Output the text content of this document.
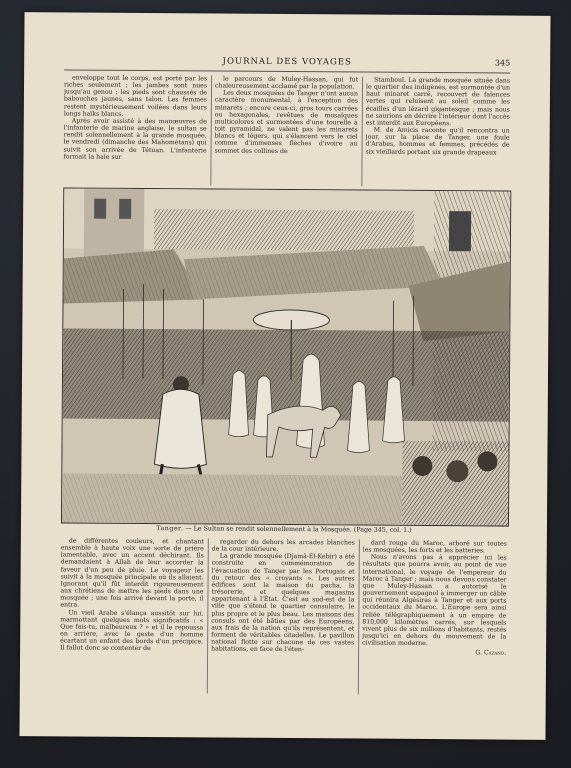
JOURNAL DES VOYAGES	345

enveloppe tout le corps, est porté par les riches seulement ; les jambes sont nues jusqu'au genou ; les pieds sont chaussés de babouches jaunes, sans talon. Les femmes restent mystérieusement voilées dans leurs longs haïks blancs.

Après avoir assisté à des manœuvres de l'infanterie de marine anglaise, le sultan se rendit solennellement à la grande mosquée, le vendredi (dimanche des Mahométans) qui suivit son arrivée de Tétuan. L'infanterie formait la haie sur

le parcours de Muley-Hassan, qui fut chaleureusement acclamé par la population.

Les deux mosquées de Tanger n'ont aucun caractère monumental, à l'exception des minarets ; encore ceux-ci, gros tours carrées ou hexagonales, revêtues de mosaïques multicolores et surmontées d'une tourelle à toit pyramidal, ne valent pas les minarets blancs et légers, qui s'élancent vers le ciel comme d'immenses flèches d'ivoire au sommet des collines de

Stamboul. La grande mosquée située dans le quartier des indigènes, est surmontée d'un haut minaret carré, recouvert de faïences vertes qui reluisent au soleil comme les écailles d'un lézard gigantesque ; mais nous ne saurions en décrire l'intérieur dont l'accès est interdit aux Européens.

M. de Amicis raconte qu'il rencontra un jour, sur la place de Tanger, une foule d'Arabes, hommes et femmes, précédés de six vieillards portant six grande drapeaux

Tanger. — Le Sultan se rendit solennellement à la Mosquée. (Page 345, col. 1.)

de différentes couleurs, et chantant ensemble à haute voix une sorte de prière lamentable, avec un accent déchirant. Ils demandaient à Allah de leur accorder la faveur d'un peu de pluie. Le voyageur les suivit à la mosquée principale où ils allaient. Ignorant qu'il fût interdit rigoureusement aux chrétiens de mettre les pieds dans une mosquée ; une fois arrivé devant la porte, il entra.

Un vieil Arabe s'élança aussitôt sur lui, marmottant quelques mots significatifs : « Que fais-tu, malheureux ? » et il le repoussa en arrière, avec le geste d'un homme écartant un enfant des bords d'un précipice. Il fallut donc se contenter de

regarder du dehors les arcades blanches de la cour intérieure.

La grande mosquée (Djamâ-El-Kebir) a été construite en commémoration de l'évacuation de Tanger par les Portugais et du retour des « croyants ». Les autres édifices sont la maison du pacha, la trésorerie, et quelques magasins appartenant à l'État. C'est au sud-est de la ville que s'étend le quartier consulaire, le plus propre et le plus beau. Les maisons des consuls ont été bâties par des Européens, aux frais de la nation qu'ils représentent, et forment de véritables citadelles. Le pavillon national flotte sur chacune de ces vastes habitations, en face de l'éten-

dard rouge du Maroc, arboré sur toutes les mosquées, les forts et les batteries.

Nous n'avons pas à apprécier ici les résultats que pourra avoir, au point de vue international, le voyage de l'empereur du Maroc à Tanger ; mais nous devons constater que Muley-Hassan a autorisé le gouvernement espagnol à immerger un câble qui réunira Algésiras à Tanger et aux ports occidentaux du Maroc. L'Europe sera ainsi reliée télégraphiquement à un empire de 810,000 kilomètres carrés, sur lesquels vivent plus de six millions d'habitants, restés jusqu'ici en dehors du mouvement de la civilisation moderne.

G. Cazano.
